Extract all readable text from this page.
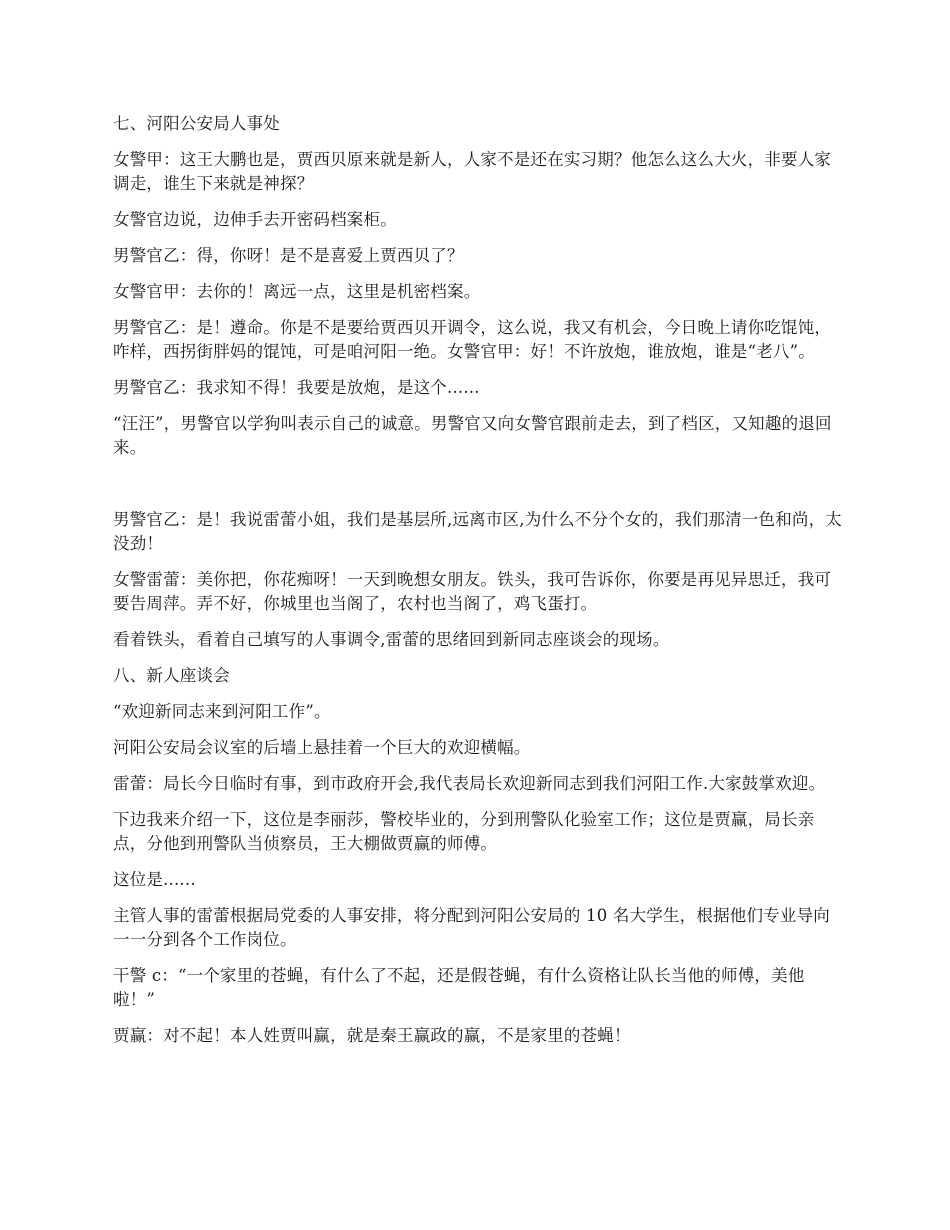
七、河阳公安局人事处

女警甲：这王大鹏也是，贾西贝原来就是新人，人家不是还在实习期？他怎么这么大火，非要人家调走，谁生下来就是神探？

女警官边说，边伸手去开密码档案柜。

男警官乙：得，你呀！是不是喜爱上贾西贝了？

女警官甲：去你的！离远一点，这里是机密档案。

男警官乙：是！遵命。你是不是要给贾西贝开调令，这么说，我又有机会，今日晚上请你吃馄饨，咋样，西拐街胖妈的馄饨，可是咱河阳一绝。女警官甲：好！不许放炮，谁放炮，谁是“老八”。

男警官乙：我求知不得！我要是放炮，是这个......

“汪汪”，男警官以学狗叫表示自己的诚意。男警官又向女警官跟前走去，到了档区，又知趣的退回来。

男警官乙：是！我说雷蕾小姐，我们是基层所,远离市区,为什么不分个女的，我们那清一色和尚，太没劲！

女警雷蕾：美你把，你花痴呀！一天到晚想女朋友。铁头，我可告诉你，你要是再见异思迁，我可要告周萍。弄不好，你城里也当阁了，农村也当阁了，鸡飞蛋打。

看着铁头，看着自己填写的人事调令,雷蕾的思绪回到新同志座谈会的现场。

八、新人座谈会

“欢迎新同志来到河阳工作”。

河阳公安局会议室的后墙上悬挂着一个巨大的欢迎横幅。

雷蕾：局长今日临时有事，到市政府开会,我代表局长欢迎新同志到我们河阳工作.大家鼓掌欢迎。

下边我来介绍一下，这位是李丽莎，警校毕业的，分到刑警队化验室工作；这位是贾赢，局长亲点，分他到刑警队当侦察员，王大棚做贾赢的师傅。

这位是......

主管人事的雷蕾根据局党委的人事安排，将分配到河阳公安局的 10 名大学生，根据他们专业导向一一分到各个工作岗位。

干警 c：“一个家里的苍蝇，有什么了不起，还是假苍蝇，有什么资格让队长当他的师傅，美他啦！”

贾赢：对不起！本人姓贾叫赢，就是秦王赢政的赢，不是家里的苍蝇！
